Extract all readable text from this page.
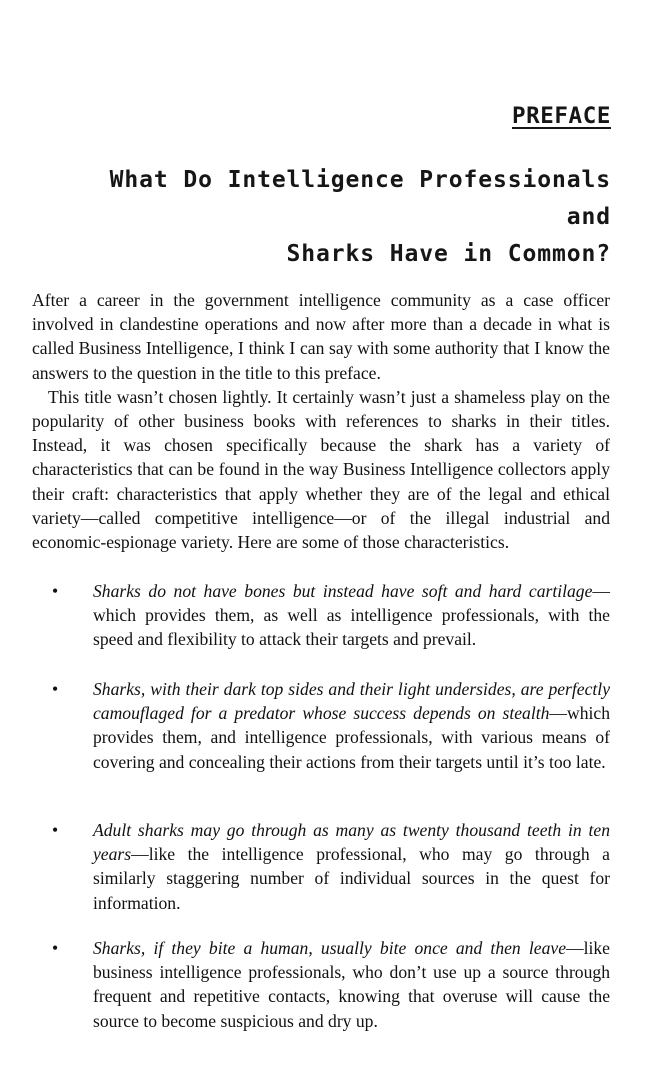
PREFACE
What Do Intelligence Professionals and
Sharks Have in Common?

After a career in the government intelligence community as a case officer involved in clandestine operations and now after more than a decade in what is called Business Intelligence, I think I can say with some authority that I know the answers to the question in the title to this preface.

This title wasn’t chosen lightly. It certainly wasn’t just a shameless play on the popularity of other business books with references to sharks in their titles. Instead, it was chosen specifically because the shark has a variety of characteristics that can be found in the way Business Intelligence collectors apply their craft: characteristics that apply whether they are of the legal and ethical variety—called competitive intelligence—or of the illegal industrial and economic-espionage variety. Here are some of those characteristics.

•	Sharks do not have bones but instead have soft and hard cartilage—which provides them, as well as intelligence professionals, with the speed and flexibility to attack their targets and prevail.
•	Sharks, with their dark top sides and their light undersides, are perfectly camouflaged for a predator whose success depends on stealth—which provides them, and intelligence professionals, with various means of covering and concealing their actions from their targets until it’s too late.
•	Adult sharks may go through as many as twenty thousand teeth in ten years—like the intelligence professional, who may go through a similarly staggering number of individual sources in the quest for information.
•	Sharks, if they bite a human, usually bite once and then leave—like business intelligence professionals, who don’t use up a source through frequent and repetitive contacts, knowing that overuse will cause the source to become suspicious and dry up.
